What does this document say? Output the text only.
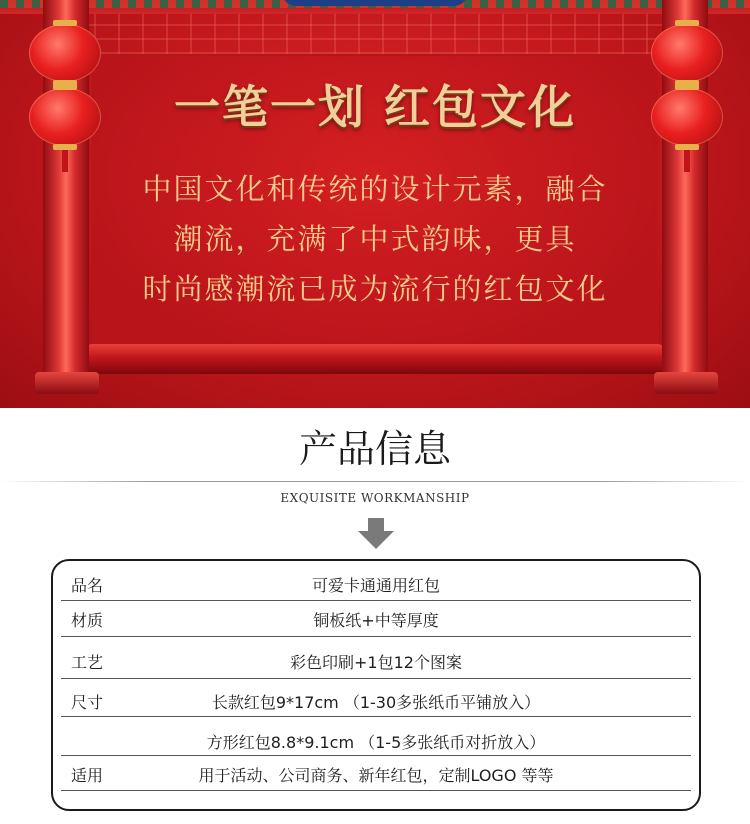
一笔一划 红包文化
中国文化和传统的设计元素，融合
潮流，充满了中式韵味，更具
时尚感潮流已成为流行的红包文化
产品信息
EXQUISITE WORKMANSHIP
品名	可爱卡通通用红包
材质	铜板纸+中等厚度
工艺	彩色印刷+1包12个图案
尺寸	长款红包9*17cm （1-30多张纸币平铺放入）
方形红包8.8*9.1cm （1-5多张纸币对折放入）
适用	用于活动、公司商务、新年红包，定制LOGO 等等
